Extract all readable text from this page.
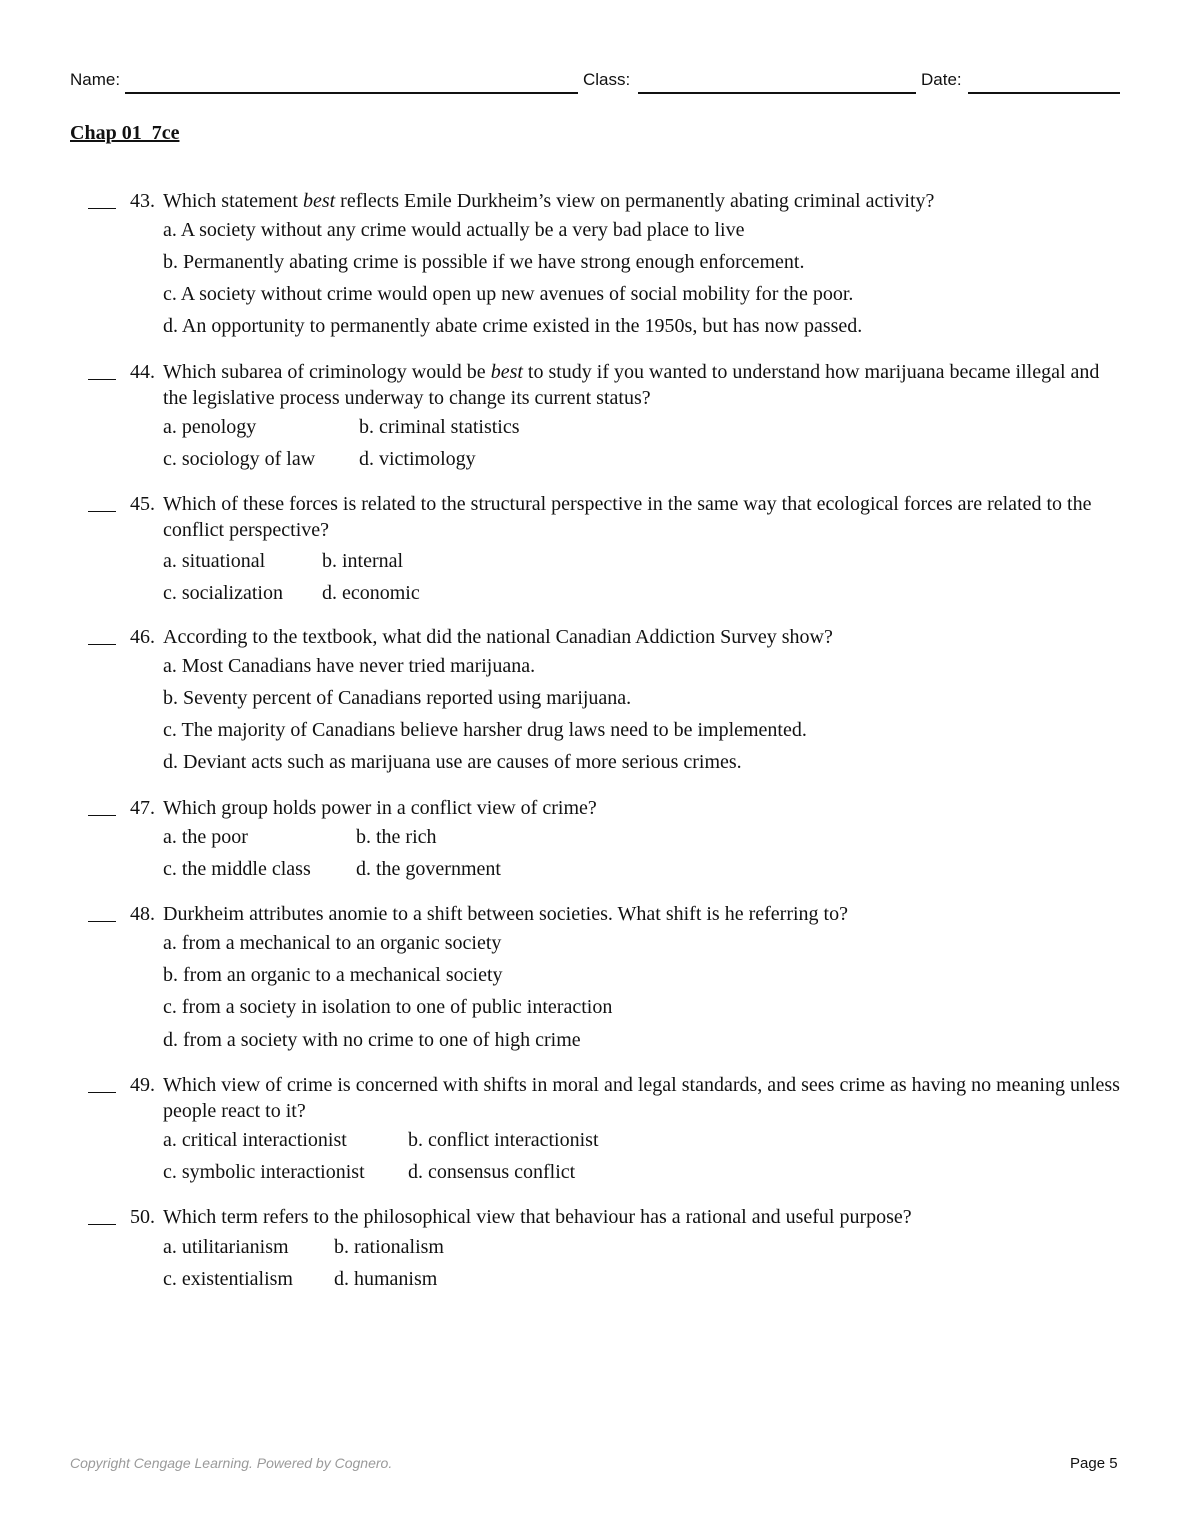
Name:	Class:	Date:
Chap 01_7ce
43. Which statement best reflects Emile Durkheim’s view on permanently abating criminal activity?
a. A society without any crime would actually be a very bad place to live
b. Permanently abating crime is possible if we have strong enough enforcement.
c. A society without crime would open up new avenues of social mobility for the poor.
d. An opportunity to permanently abate crime existed in the 1950s, but has now passed.
44. Which subarea of criminology would be best to study if you wanted to understand how marijuana became illegal and the legislative process underway to change its current status?
a. penology	b. criminal statistics
c. sociology of law d. victimology
45. Which of these forces is related to the structural perspective in the same way that ecological forces are related to the conflict perspective?
a. situational	b. internal
c. socialization d. economic
46. According to the textbook, what did the national Canadian Addiction Survey show?
a. Most Canadians have never tried marijuana.
b. Seventy percent of Canadians reported using marijuana.
c. The majority of Canadians believe harsher drug laws need to be implemented.
d. Deviant acts such as marijuana use are causes of more serious crimes.
47. Which group holds power in a conflict view of crime?
a. the poor	b. the rich
c. the middle class d. the government
48. Durkheim attributes anomie to a shift between societies. What shift is he referring to?
a. from a mechanical to an organic society
b. from an organic to a mechanical society
c. from a society in isolation to one of public interaction
d. from a society with no crime to one of high crime
49. Which view of crime is concerned with shifts in moral and legal standards, and sees crime as having no meaning unless people react to it?
a. critical interactionist	b. conflict interactionist
c. symbolic interactionist d. consensus conflict
50. Which term refers to the philosophical view that behaviour has a rational and useful purpose?
a. utilitarianism b. rationalism
c. existentialism d. humanism
Copyright Cengage Learning. Powered by Cognero.	Page 5
